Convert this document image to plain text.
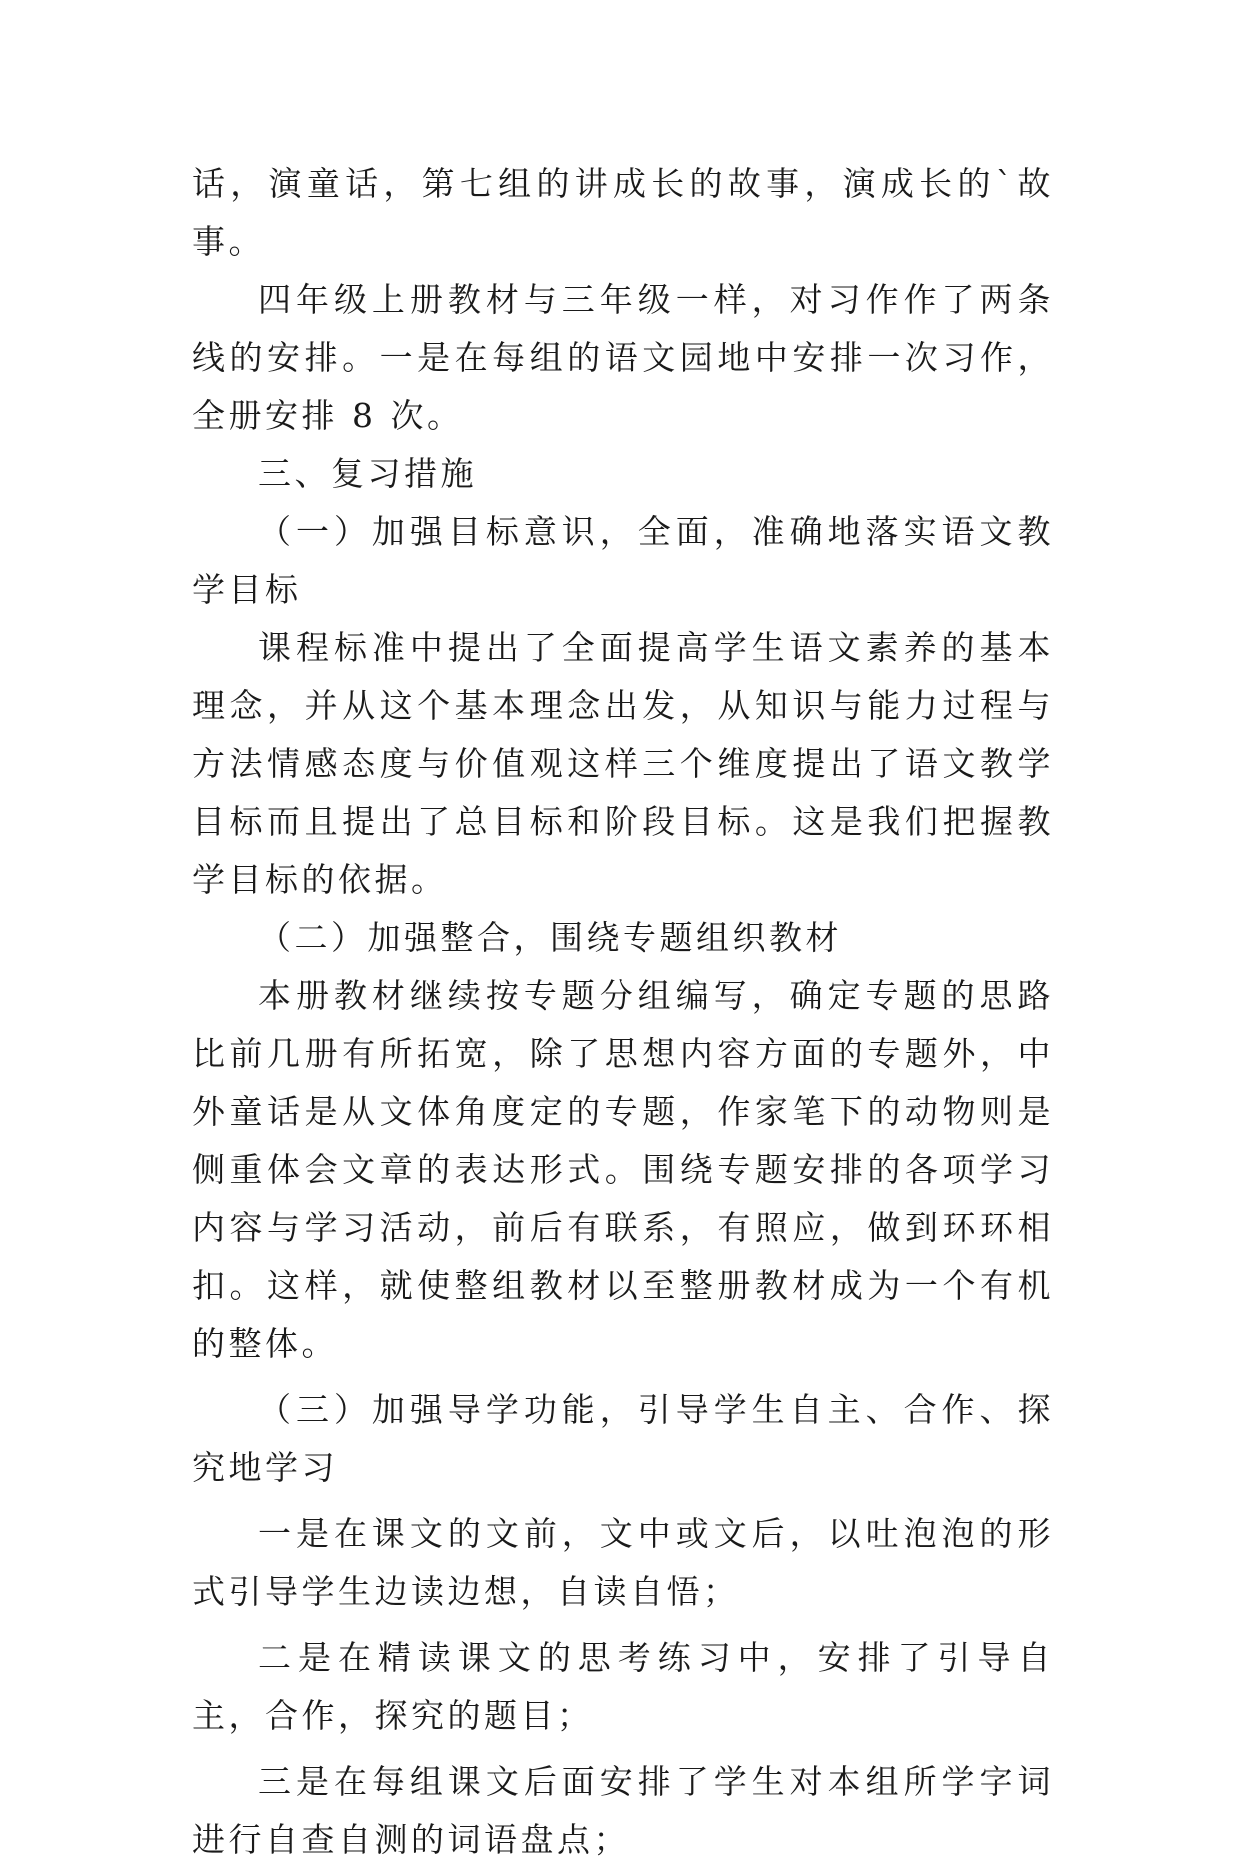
话，演童话，第七组的讲成长的故事，演成长的`故事。

四年级上册教材与三年级一样，对习作作了两条线的安排。一是在每组的语文园地中安排一次习作，全册安排 8 次。

三、复习措施

（一）加强目标意识，全面，准确地落实语文教学目标

课程标准中提出了全面提高学生语文素养的基本理念，并从这个基本理念出发，从知识与能力过程与方法情感态度与价值观这样三个维度提出了语文教学目标而且提出了总目标和阶段目标。这是我们把握教学目标的依据。

（二）加强整合，围绕专题组织教材

本册教材继续按专题分组编写，确定专题的思路比前几册有所拓宽，除了思想内容方面的专题外，中外童话是从文体角度定的专题，作家笔下的动物则是侧重体会文章的表达形式。围绕专题安排的各项学习内容与学习活动，前后有联系，有照应，做到环环相扣。这样，就使整组教材以至整册教材成为一个有机的整体。

（三）加强导学功能，引导学生自主、合作、探究地学习

一是在课文的文前，文中或文后，以吐泡泡的形式引导学生边读边想，自读自悟；

二是在精读课文的思考练习中，安排了引导自主，合作，探究的题目；

三是在每组课文后面安排了学生对本组所学字词进行自查自测的词语盘点；
